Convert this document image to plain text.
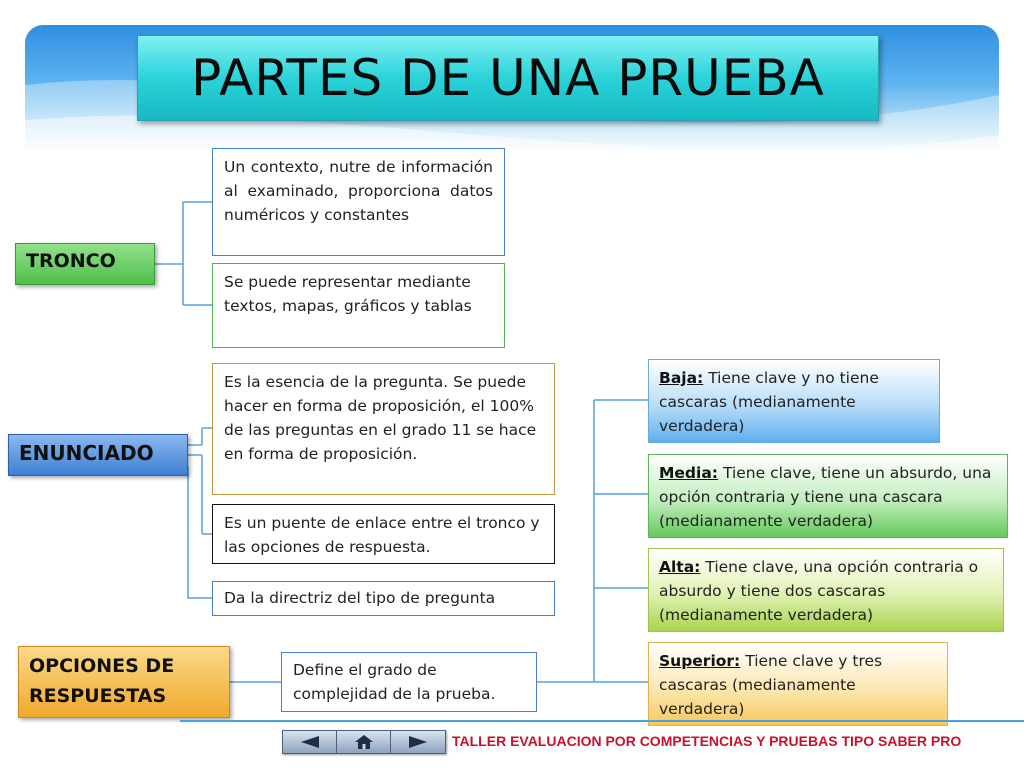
PARTES DE UNA PRUEBA
TRONCO
ENUNCIADO
OPCIONES DE
RESPUESTAS
Un contexto, nutre de información al examinado, proporciona datos numéricos y constantes
Se puede representar mediante textos, mapas, gráficos y tablas
Es la esencia de la pregunta. Se puede hacer en forma de proposición, el 100% de las preguntas en el grado 11 se hace en forma de proposición.
Es un puente de enlace entre el tronco y las opciones de respuesta.
Da la directriz del tipo de pregunta
Define el grado de complejidad de la prueba.
Baja: Tiene clave y no tiene cascaras (medianamente verdadera)
Media: Tiene clave, tiene un absurdo, una opción contraria y tiene una cascara (medianamente verdadera)
Alta: Tiene clave, una opción contraria o absurdo y tiene dos cascaras (medianamente verdadera)
Superior: Tiene clave y tres cascaras (medianamente verdadera)
TALLER EVALUACION POR COMPETENCIAS Y PRUEBAS TIPO SABER PRO
